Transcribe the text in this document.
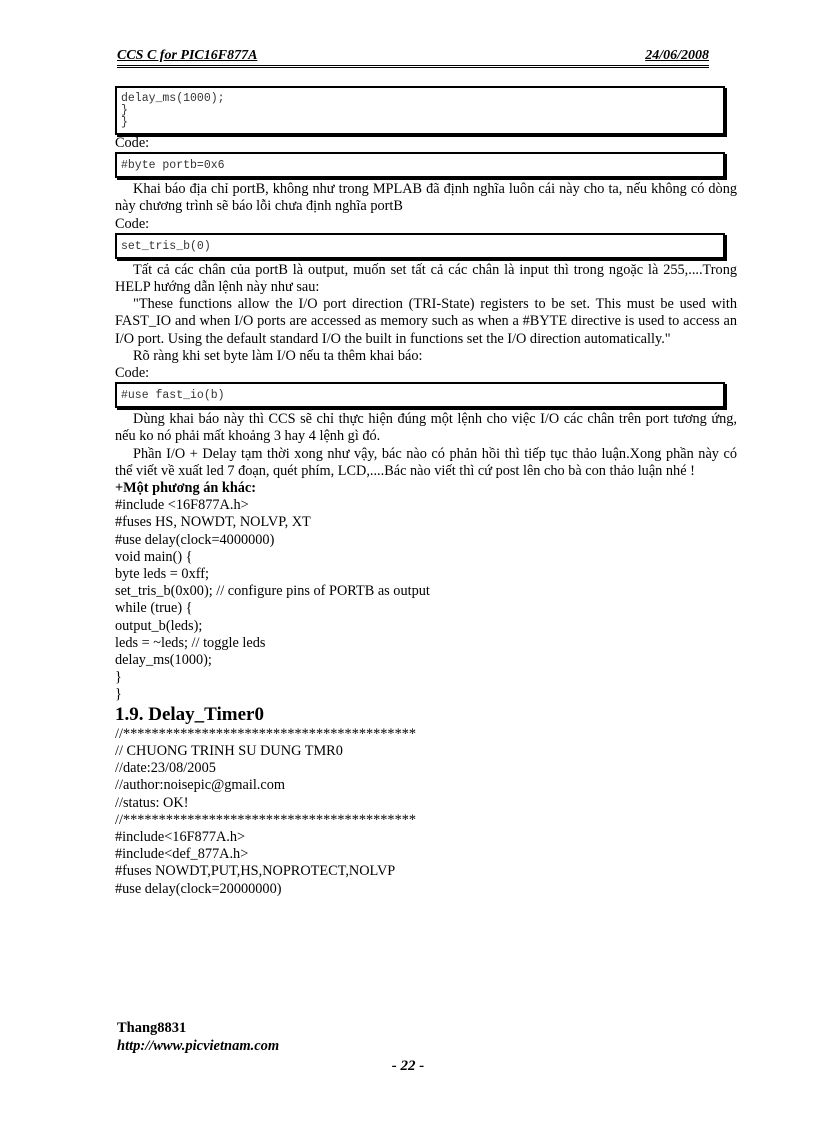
CCS C for PIC16F877A	24/06/2008

delay_ms(1000);

}

}

Code:

#byte portb=0x6

Khai báo địa chỉ portB, không như trong MPLAB đã định nghĩa luôn cái này cho ta, nếu không có dòng này chương trình sẽ báo lỗi chưa định nghĩa portB

Code:

set_tris_b(0)

Tất cả các chân của portB là output, muốn set tất cả các chân là input thì trong ngoặc là 255,....Trong HELP hướng dẫn lệnh này như sau:

"These functions allow the I/O port direction (TRI-State) registers to be set. This must be used with FAST_IO and when I/O ports are accessed as memory such as when a #BYTE directive is used to access an I/O port. Using the default standard I/O the built in functions set the I/O direction automatically."

Rõ ràng khi set byte làm I/O nếu ta thêm khai báo:

Code:

#use fast_io(b)

Dùng khai báo này thì CCS sẽ chỉ thực hiện đúng một lệnh cho việc I/O các chân trên port tương ứng, nếu ko nó phải mất khoảng 3 hay 4 lệnh gì đó.

Phần I/O + Delay tạm thời xong như vậy, bác nào có phản hồi thì tiếp tục thảo luận.Xong phần này có thể viết về xuất led 7 đoạn, quét phím, LCD,....Bác nào viết thì cứ post lên cho bà con thảo luận nhé !

+Một phương án khác:

#include <16F877A.h>

#fuses HS, NOWDT, NOLVP, XT

#use delay(clock=4000000)

void main() {

byte leds = 0xff;

set_tris_b(0x00); // configure pins of PORTB as output

while (true) {

output_b(leds);

leds = ~leds; // toggle leds

delay_ms(1000);

}

}

1.9. Delay_Timer0

//*****************************************

// CHUONG TRINH SU DUNG TMR0

//date:23/08/2005

//author:noisepic@gmail.com

//status: OK!

//*****************************************

#include<16F877A.h>

#include<def_877A.h>

#fuses NOWDT,PUT,HS,NOPROTECT,NOLVP

#use delay(clock=20000000)

Thang8831
http://www.picvietnam.com
- 22 -
